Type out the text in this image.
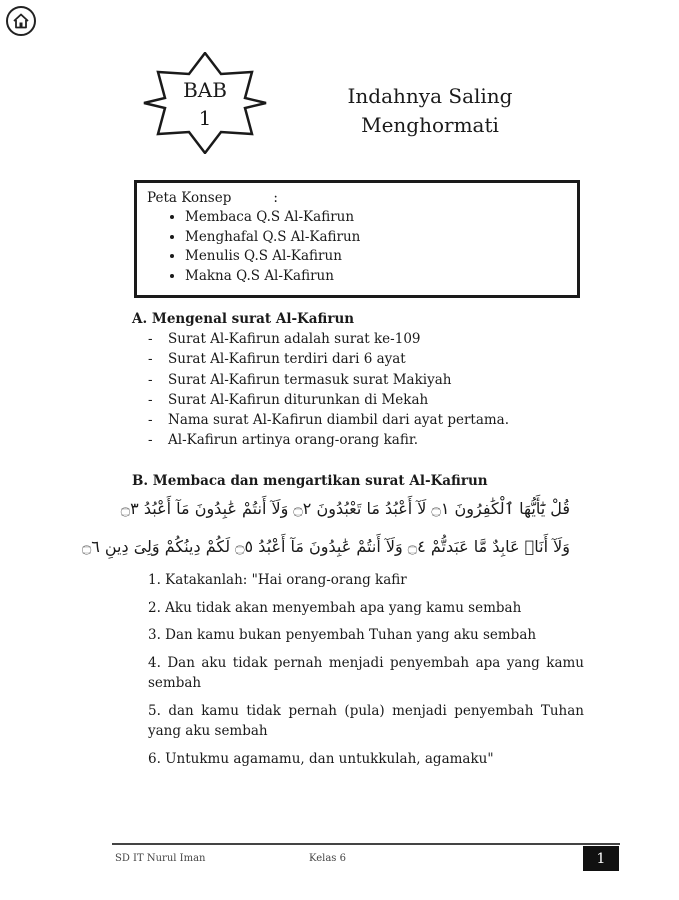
BAB
1
Indahnya Saling
Menghormati
Peta Konsep	:
• Membaca Q.S Al-Kafirun
• Menghafal Q.S Al-Kafirun
• Menulis Q.S Al-Kafirun
• Makna Q.S Al-Kafirun
A. Mengenal surat Al-Kafirun
-	Surat Al-Kafirun adalah surat ke-109
-	Surat Al-Kafirun terdiri dari 6 ayat
-	Surat Al-Kafirun termasuk surat Makiyah
-	Surat Al-Kafirun diturunkan di Mekah
-	Nama surat Al-Kafirun diambil dari ayat pertama.
-	Al-Kafirun artinya orang-orang kafir.
B. Membaca dan mengartikan surat Al-Kafirun
قُلْ يَٰٓأَيُّهَا ٱلْكَٰفِرُونَ ۝١ لَآ أَعْبُدُ مَا تَعْبُدُونَ ۝٢ وَلَآ أَنتُمْ عَٰبِدُونَ مَآ أَعْبُدُ ۝٣
وَلَآ أَنَا۠ عَابِدٌ مَّا عَبَدتُّمْ ۝٤ وَلَآ أَنتُمْ عَٰبِدُونَ مَآ أَعْبُدُ ۝٥ لَكُمْ دِينُكُمْ وَلِىَ دِينِ ۝٦

1. Katakanlah: "Hai orang-orang kafir

2. Aku tidak akan menyembah apa yang kamu sembah

3. Dan kamu bukan penyembah Tuhan yang aku sembah

4. Dan aku tidak pernah menjadi penyembah apa yang kamu sembah

5. dan kamu tidak pernah (pula) menjadi penyembah Tuhan yang aku sembah

6. Untukmu agamamu, dan untukkulah, agamaku"

SD IT Nurul Iman	Kelas 6	1
